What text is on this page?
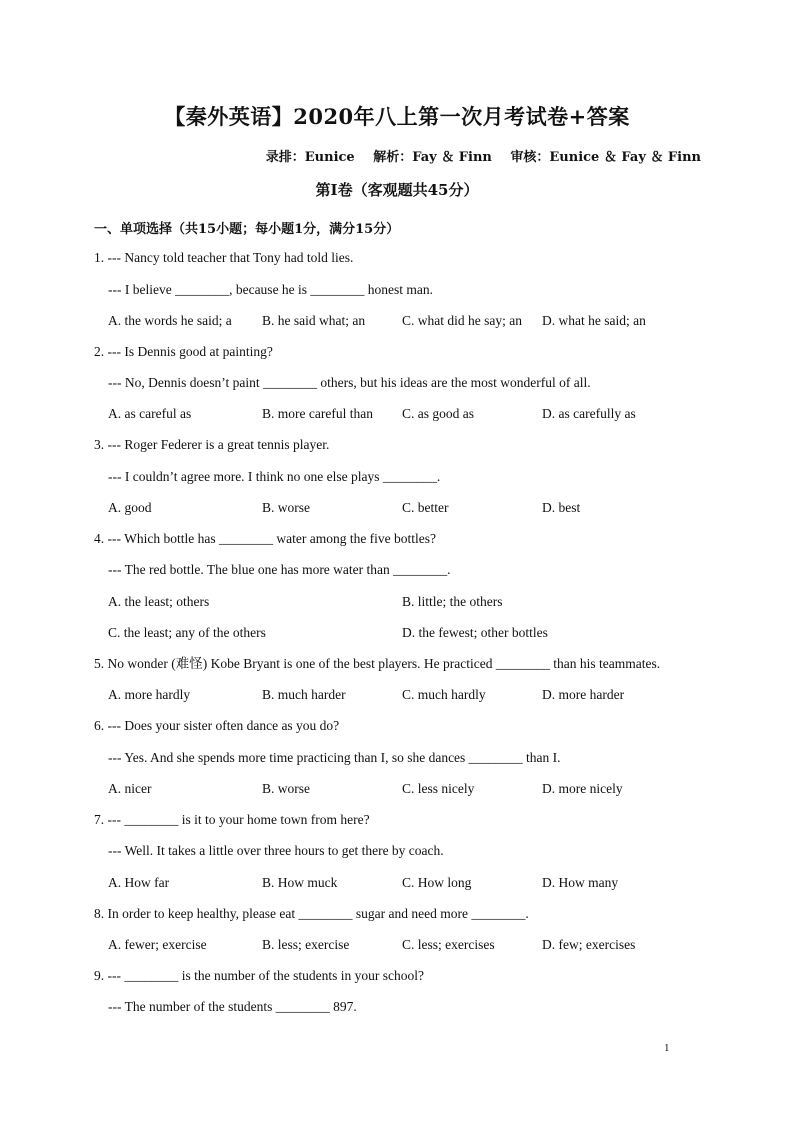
【秦外英语】2020年八上第一次月考试卷+答案
录排：Eunice 解析：Fay ＆ Finn 审核：Eunice ＆ Fay ＆ Finn
第I卷（客观题共45分）
一、单项选择（共15小题；每小题1分，满分15分）
1. --- Nancy told teacher that Tony had told lies.
--- I believe ________, because he is ________ honest man.
A. the words he said; a B. he said what; an	C. what did he say; an D. what he said; an
2. --- Is Dennis good at painting?
--- No, Dennis doesn’t paint ________ others, but his ideas are the most wonderful of all.
A. as careful as	B. more careful than C. as good as	D. as carefully as
3. --- Roger Federer is a great tennis player.
--- I couldn’t agree more. I think no one else plays ________.
A. good	B. worse	C. better	D. best
4. --- Which bottle has ________ water among the five bottles?
--- The red bottle. The blue one has more water than ________.
A. the least; others	B. little; the others
C. the least; any of the others	D. the fewest; other bottles
5. No wonder (难怪) Kobe Bryant is one of the best players. He practiced ________ than his teammates.
A. more hardly	B. much harder	C. much hardly	D. more harder
6. --- Does your sister often dance as you do?
--- Yes. And she spends more time practicing than I, so she dances ________ than I.
A. nicer	B. worse	C. less nicely	D. more nicely
7. --- ________ is it to your home town from here?
--- Well. It takes a little over three hours to get there by coach.
A. How far	B. How muck	C. How long	D. How many
8. In order to keep healthy, please eat ________ sugar and need more ________.
A. fewer; exercise	B. less; exercise	C. less; exercises	D. few; exercises
9. --- ________ is the number of the students in your school?
--- The number of the students ________ 897.
1
